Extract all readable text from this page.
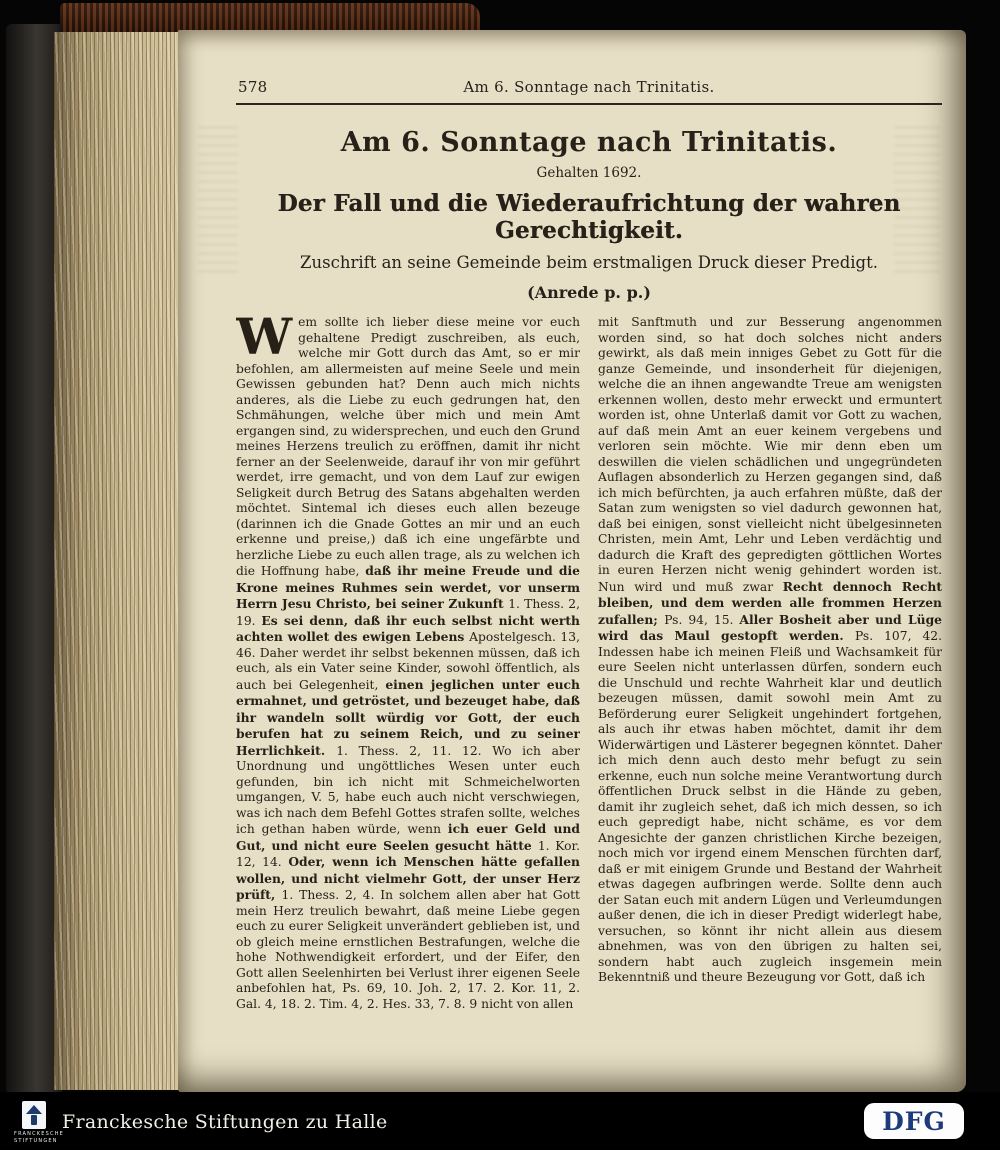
578	Am 6. Sonntage nach Trinitatis.
Am 6. Sonntage nach Trinitatis.
Gehalten 1692.
Der Fall und die Wiederaufrichtung der wahren Gerechtigkeit.
Zuschrift an seine Gemeinde beim erstmaligen Druck dieser Predigt.
(Anrede p. p.)
Wem sollte ich lieber diese meine vor euch gehaltene Predigt zuschreiben, als euch, welche mir Gott durch das Amt, so er mir befohlen, am allermeisten auf meine Seele und mein Gewissen gebunden hat? Denn auch mich nichts anderes, als die Liebe zu euch gedrungen hat, den Schmähungen, welche über mich und mein Amt ergangen sind, zu widersprechen, und euch den Grund meines Herzens treulich zu eröffnen, damit ihr nicht ferner an der Seelenweide, darauf ihr von mir geführt werdet, irre gemacht, und von dem Lauf zur ewigen Seligkeit durch Betrug des Satans abgehalten werden möchtet. Sintemal ich dieses euch allen bezeuge (darinnen ich die Gnade Gottes an mir und an euch erkenne und preise,) daß ich eine ungefärbte und herzliche Liebe zu euch allen trage, als zu welchen ich die Hoffnung habe, daß ihr meine Freude und die Krone meines Ruhmes sein werdet, vor unserm Herrn Jesu Christo, bei seiner Zukunft 1. Thess. 2, 19. Es sei denn, daß ihr euch selbst nicht werth achten wollet des ewigen Lebens Apostelgesch. 13, 46. Daher werdet ihr selbst bekennen müssen, daß ich euch, als ein Vater seine Kinder, sowohl öffentlich, als auch bei Gelegenheit, einen jeglichen unter euch ermahnet, und getröstet, und bezeuget habe, daß ihr wandeln sollt würdig vor Gott, der euch berufen hat zu seinem Reich, und zu seiner Herrlichkeit. 1. Thess. 2, 11. 12. Wo ich aber Unordnung und ungöttliches Wesen unter euch gefunden, bin ich nicht mit Schmeichelworten umgangen, V. 5, habe euch auch nicht verschwiegen, was ich nach dem Befehl Gottes strafen sollte, welches ich gethan haben würde, wenn ich euer Geld und Gut, und nicht eure Seelen gesucht hätte 1. Kor. 12, 14. Oder, wenn ich Menschen hätte gefallen wollen, und nicht vielmehr Gott, der unser Herz prüft, 1. Thess. 2, 4. In solchem allen aber hat Gott mein Herz treulich bewahrt, daß meine Liebe gegen euch zu eurer Seligkeit unverändert geblieben ist, und ob gleich meine ernstlichen Bestrafungen, welche die hohe Nothwendigkeit erfordert, und der Eifer, den Gott allen Seelenhirten bei Verlust ihrer eigenen Seele anbefohlen hat, Ps. 69, 10. Joh. 2, 17. 2. Kor. 11, 2. Gal. 4, 18. 2. Tim. 4, 2. Hes. 33, 7. 8. 9 nicht von allen
mit Sanftmuth und zur Besserung angenommen worden sind, so hat doch solches nicht anders gewirkt, als daß mein inniges Gebet zu Gott für die ganze Gemeinde, und insonderheit für diejenigen, welche die an ihnen angewandte Treue am wenigsten erkennen wollen, desto mehr erweckt und ermuntert worden ist, ohne Unterlaß damit vor Gott zu wachen, auf daß mein Amt an euer keinem vergebens und verloren sein möchte. Wie mir denn eben um deswillen die vielen schädlichen und ungegründeten Auflagen absonderlich zu Herzen gegangen sind, daß ich mich befürchten, ja auch erfahren müßte, daß der Satan zum wenigsten so viel dadurch gewonnen hat, daß bei einigen, sonst vielleicht nicht übelgesinneten Christen, mein Amt, Lehr und Leben verdächtig und dadurch die Kraft des gepredigten göttlichen Wortes in euren Herzen nicht wenig gehindert worden ist. Nun wird und muß zwar Recht dennoch Recht bleiben, und dem werden alle frommen Herzen zufallen; Ps. 94, 15. Aller Bosheit aber und Lüge wird das Maul gestopft werden. Ps. 107, 42. Indessen habe ich meinen Fleiß und Wachsamkeit für eure Seelen nicht unterlassen dürfen, sondern euch die Unschuld und rechte Wahrheit klar und deutlich bezeugen müssen, damit sowohl mein Amt zu Beförderung eurer Seligkeit ungehindert fortgehen, als auch ihr etwas haben möchtet, damit ihr dem Widerwärtigen und Lästerer begegnen könntet. Daher ich mich denn auch desto mehr befugt zu sein erkenne, euch nun solche meine Verantwortung durch öffentlichen Druck selbst in die Hände zu geben, damit ihr zugleich sehet, daß ich mich dessen, so ich euch gepredigt habe, nicht schäme, es vor dem Angesichte der ganzen christlichen Kirche bezeigen, noch mich vor irgend einem Menschen fürchten darf, daß er mit einigem Grunde und Bestand der Wahrheit etwas dagegen aufbringen werde. Sollte denn auch der Satan euch mit andern Lügen und Verleumdungen außer denen, die ich in dieser Predigt widerlegt habe, versuchen, so könnt ihr nicht allein aus diesem abnehmen, was von den übrigen zu halten sei, sondern habt auch zugleich insgemein mein Bekenntniß und theure Bezeugung vor Gott, daß ich
FRANCKESCHE
STIFTUNGEN
Franckesche Stiftungen zu Halle	DFG
